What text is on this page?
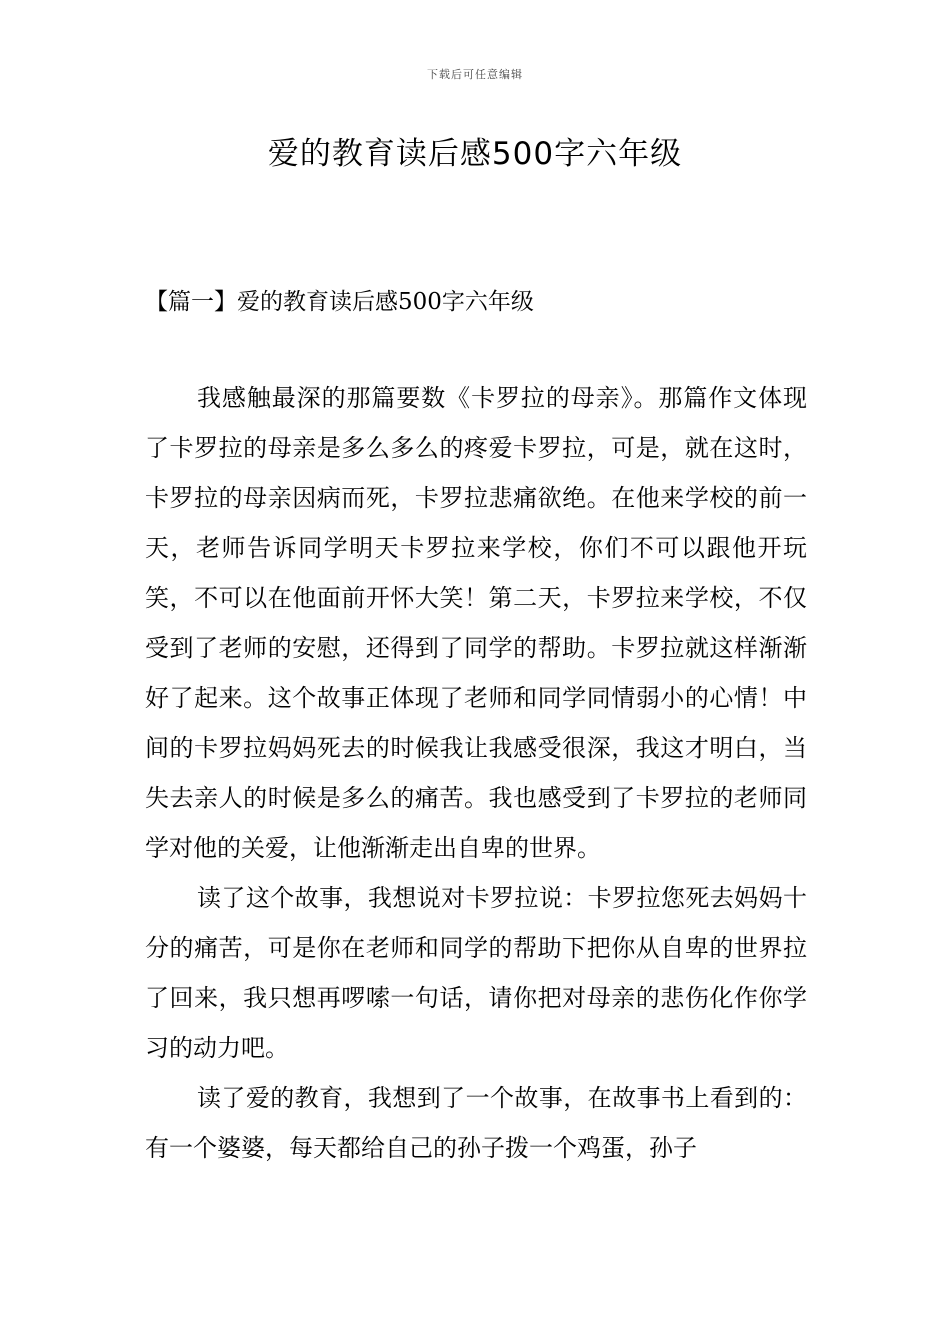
下载后可任意编辑
爱的教育读后感500字六年级
【篇一】爱的教育读后感500字六年级

我感触最深的那篇要数《卡罗拉的母亲》。那篇作文体现了卡罗拉的母亲是多么多么的疼爱卡罗拉，可是，就在这时，卡罗拉的母亲因病而死，卡罗拉悲痛欲绝。在他来学校的前一天，老师告诉同学明天卡罗拉来学校，你们不可以跟他开玩笑，不可以在他面前开怀大笑！第二天，卡罗拉来学校，不仅受到了老师的安慰，还得到了同学的帮助。卡罗拉就这样渐渐好了起来。这个故事正体现了老师和同学同情弱小的心情！中间的卡罗拉妈妈死去的时候我让我感受很深，我这才明白，当失去亲人的时候是多么的痛苦。我也感受到了卡罗拉的老师同学对他的关爱，让他渐渐走出自卑的世界。

读了这个故事，我想说对卡罗拉说：卡罗拉您死去妈妈十分的痛苦，可是你在老师和同学的帮助下把你从自卑的世界拉了回来，我只想再啰嗦一句话，请你把对母亲的悲伤化作你学习的动力吧。

读了爱的教育，我想到了一个故事，在故事书上看到的：有一个婆婆，每天都给自己的孙子拨一个鸡蛋，孙子
